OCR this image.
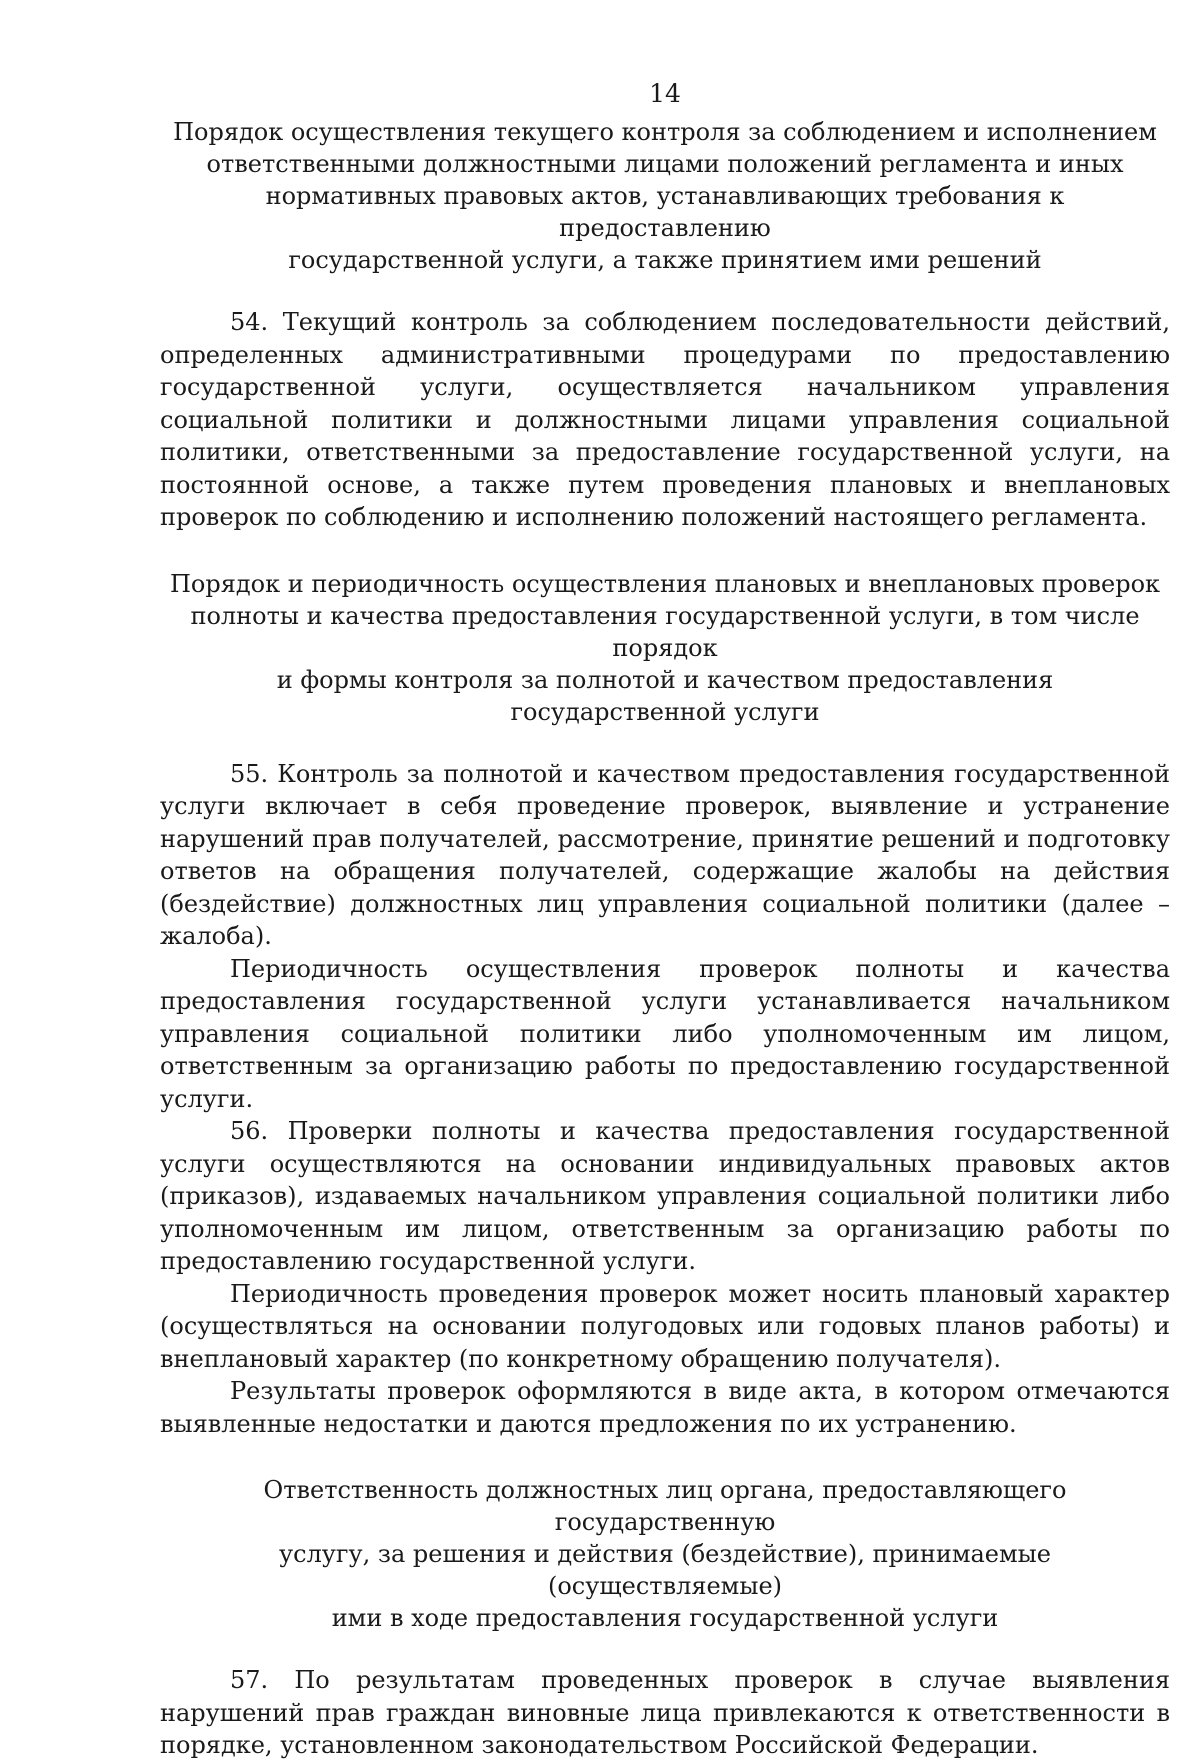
14
Порядок осуществления текущего контроля за соблюдением и исполнением
ответственными должностными лицами положений регламента и иных
нормативных правовых актов, устанавливающих требования к предоставлению
государственной услуги, а также принятием ими решений

54. Текущий контроль за соблюдением последовательности действий, определенных административными процедурами по предоставлению государственной услуги, осуществляется начальником управления социальной политики и должностными лицами управления социальной политики, ответственными за предоставление государственной услуги, на постоянной основе, а также путем проведения плановых и внеплановых проверок по соблюдению и исполнению положений настоящего регламента.

Порядок и периодичность осуществления плановых и внеплановых проверок
полноты и качества предоставления государственной услуги, в том числе порядок
и формы контроля за полнотой и качеством предоставления
государственной услуги

55. Контроль за полнотой и качеством предоставления государственной услуги включает в себя проведение проверок, выявление и устранение нарушений прав получателей, рассмотрение, принятие решений и подготовку ответов на обращения получателей, содержащие жалобы на действия (бездействие) должностных лиц управления социальной политики (далее – жалоба).

Периодичность осуществления проверок полноты и качества предоставления государственной услуги устанавливается начальником управления социальной политики либо уполномоченным им лицом, ответственным за организацию работы по предоставлению государственной услуги.

56. Проверки полноты и качества предоставления государственной услуги осуществляются на основании индивидуальных правовых актов (приказов), издаваемых начальником управления социальной политики либо уполномоченным им лицом, ответственным за организацию работы по предоставлению государственной услуги.

Периодичность проведения проверок может носить плановый характер (осуществляться на основании полугодовых или годовых планов работы) и внеплановый характер (по конкретному обращению получателя).

Результаты проверок оформляются в виде акта, в котором отмечаются выявленные недостатки и даются предложения по их устранению.

Ответственность должностных лиц органа, предоставляющего государственную
услугу, за решения и действия (бездействие), принимаемые (осуществляемые)
ими в ходе предоставления государственной услуги

57. По результатам проведенных проверок в случае выявления нарушений прав граждан виновные лица привлекаются к ответственности в порядке, установленном законодательством Российской Федерации.
